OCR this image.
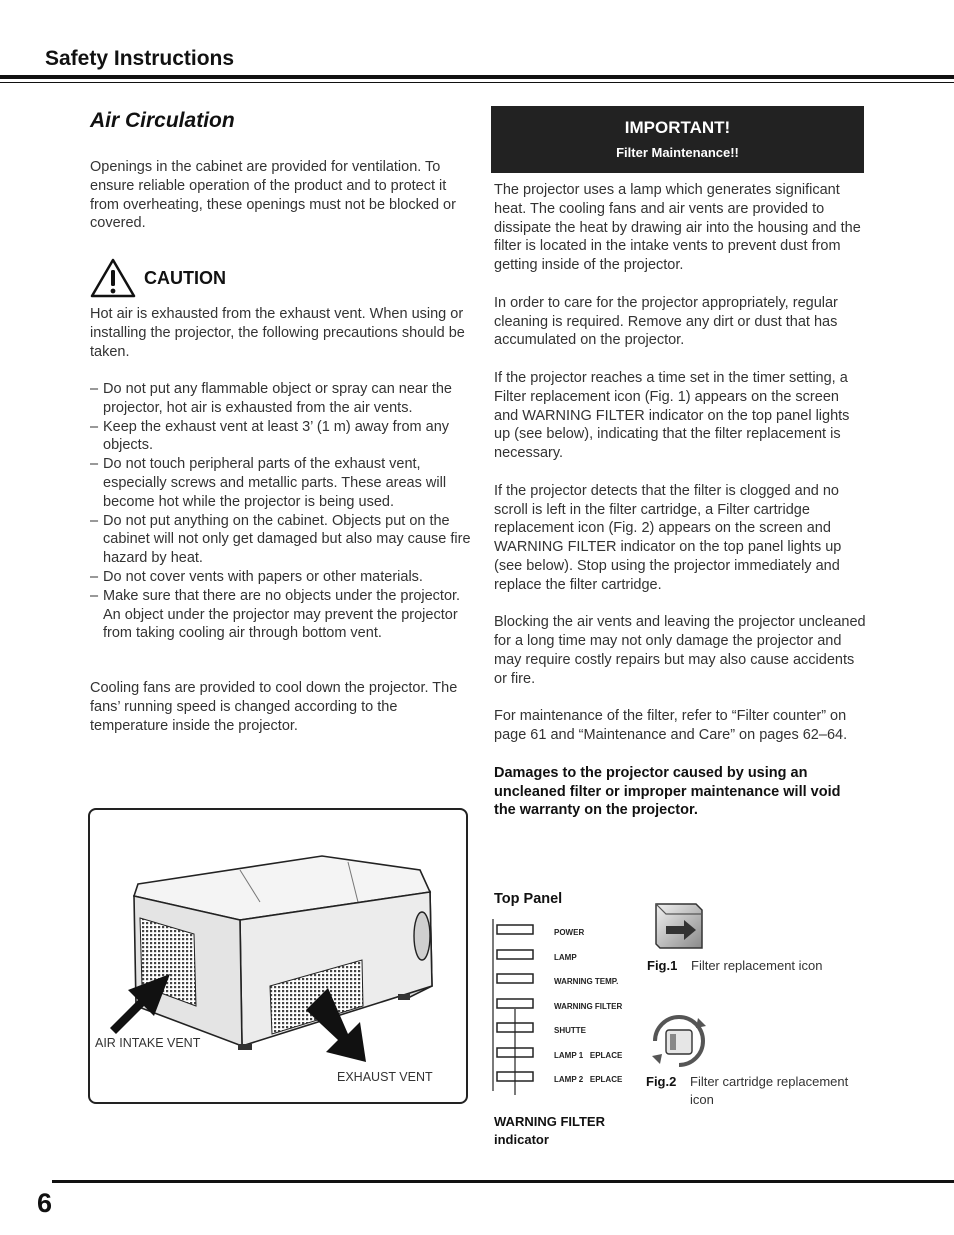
Safety Instructions
Air Circulation
Openings in the cabinet are provided for ventilation. To ensure reliable operation of the product and to protect it from overheating, these openings must not be blocked or covered.
CAUTION
Hot air is exhausted from the exhaust vent. When using or installing the projector, the following precautions should be taken.
– Do not put any flammable object or spray can near the projector, hot air is exhausted from the air vents.
– Keep the exhaust vent at least 3’ (1 m) away from any objects.
– Do not touch peripheral parts of the exhaust vent, especially screws and metallic parts. These areas will become hot while the projector is being used.
– Do not put anything on the cabinet. Objects put on the cabinet will not only get damaged but also may cause fire hazard by heat.
– Do not cover vents with papers or other materials.
– Make sure that there are no objects under the projector. An object under the projector may prevent the projector from taking cooling air through bottom vent.
Cooling fans are provided to cool down the projector. The fans’ running speed is changed according to the temperature inside the projector.
AIR INTAKE VENT
EXHAUST VENT
IMPORTANT!
Filter Maintenance!!

The projector uses a lamp which generates significant heat. The cooling fans and air vents are provided to dissipate the heat by drawing air into the housing and the filter is located in the intake vents to prevent dust from getting inside of the projector.

In order to care for the projector appropriately, regular cleaning is required. Remove any dirt or dust that has accumulated on the projector.

If the projector reaches a time set in the timer setting, a Filter replacement icon (Fig. 1) appears on the screen and WARNING FILTER indicator on the top panel lights up (see below), indicating that the filter replacement is necessary.

If the projector detects that the filter is clogged and no scroll is left in the filter cartridge, a Filter cartridge replacement icon (Fig. 2) appears on the screen and WARNING FILTER indicator on the top panel lights up (see below). Stop using the projector immediately and replace the filter cartridge.

Blocking the air vents and leaving the projector uncleaned for a long time may not only damage the projector and may require costly repairs but may also cause accidents or fire.

For maintenance of the filter, refer to “Filter counter” on page 61 and “Maintenance and Care” on pages 62–64.

Damages to the projector caused by using an uncleaned filter or improper maintenance will void the warranty on the projector.

Top Panel
POWER
LAMP
WARNING TEMP.
WARNING FILTER
SHUTTE
LAMP 1   EPLACE
LAMP 2   EPLACE
WARNING FILTER
indicator
Fig.1 Filter replacement icon
Fig.2 Filter cartridge replacement
icon
6
